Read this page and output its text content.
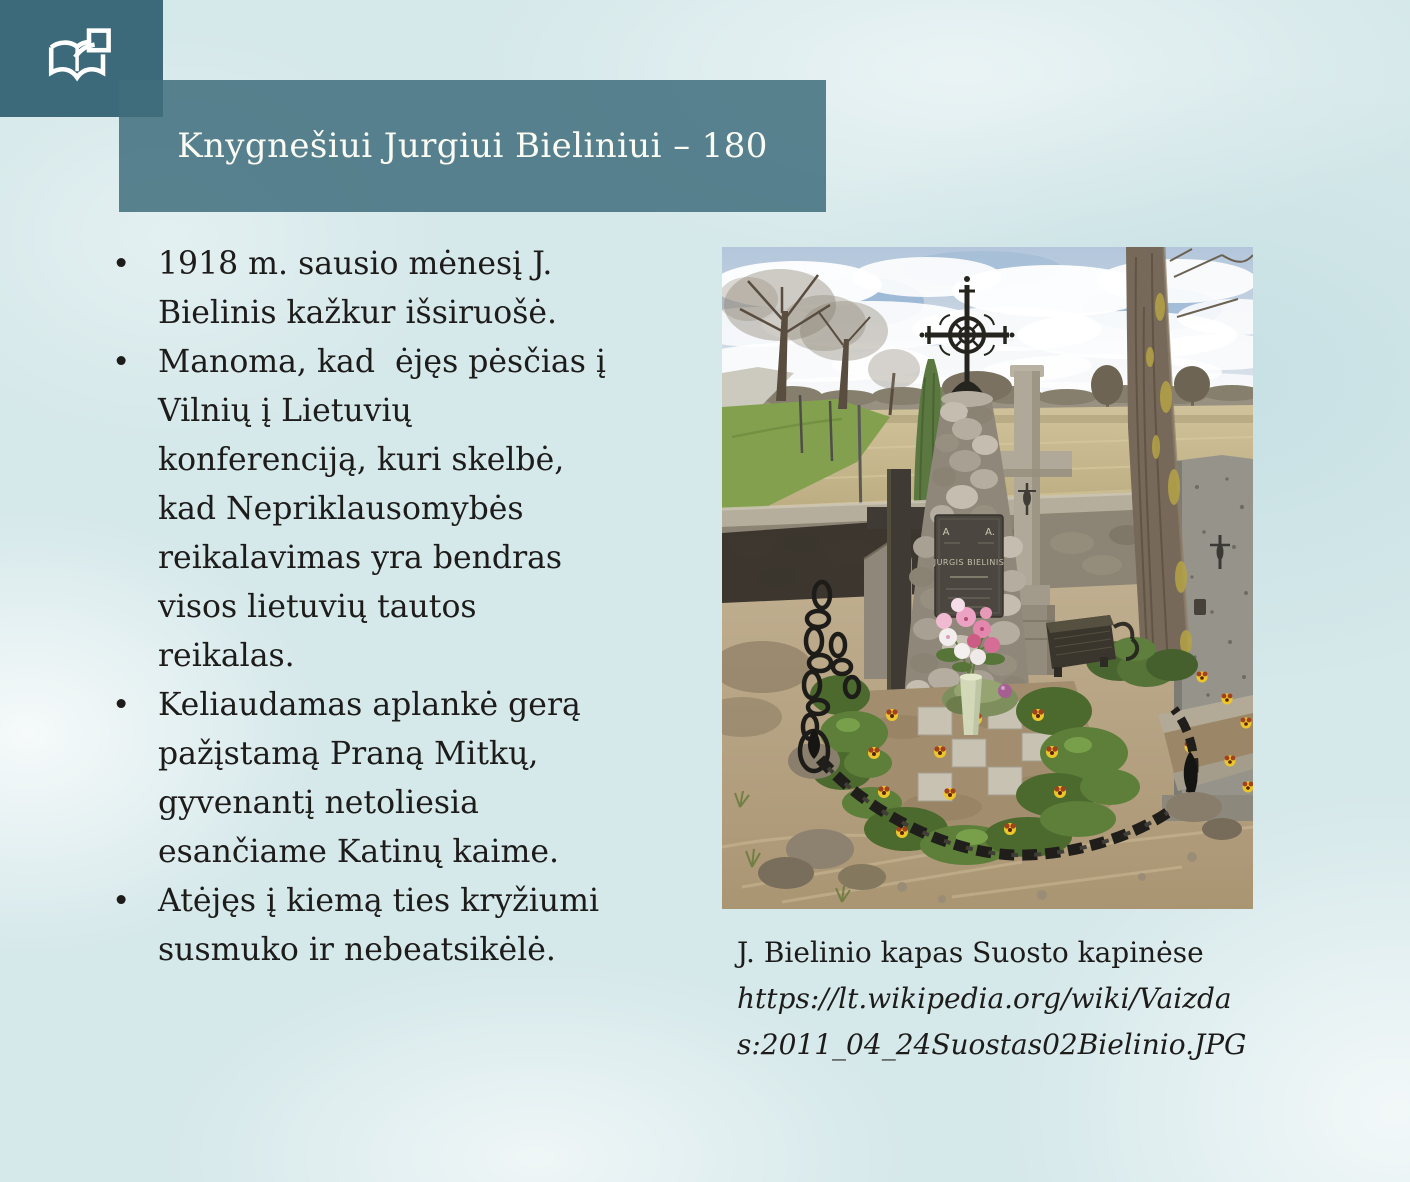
Knygnešiui Jurgiui Bieliniui – 180
• 1918 m. sausio mėnesį J.
Bielinis kažkur išsiruošė.
• Manoma, kad  ėjęs pėsčias į
Vilnių į Lietuvių
konferenciją, kuri skelbė,
kad Nepriklausomybės
reikalavimas yra bendras
visos lietuvių tautos
reikalas.
• Keliaudamas aplankė gerą
pažįstamą Praną Mitkų,
gyvenantį netoliesia
esančiame Katinų kaime.
• Atėjęs į kiemą ties kryžiumi
susmuko ir nebeatsikėlė.
A	A.
JURGIS BIELINIS
J. Bielinio kapas Suosto kapinėse
https://lt.wikipedia.org/wiki/Vaizda
s:2011_04_24Suostas02Bielinio.JPG
